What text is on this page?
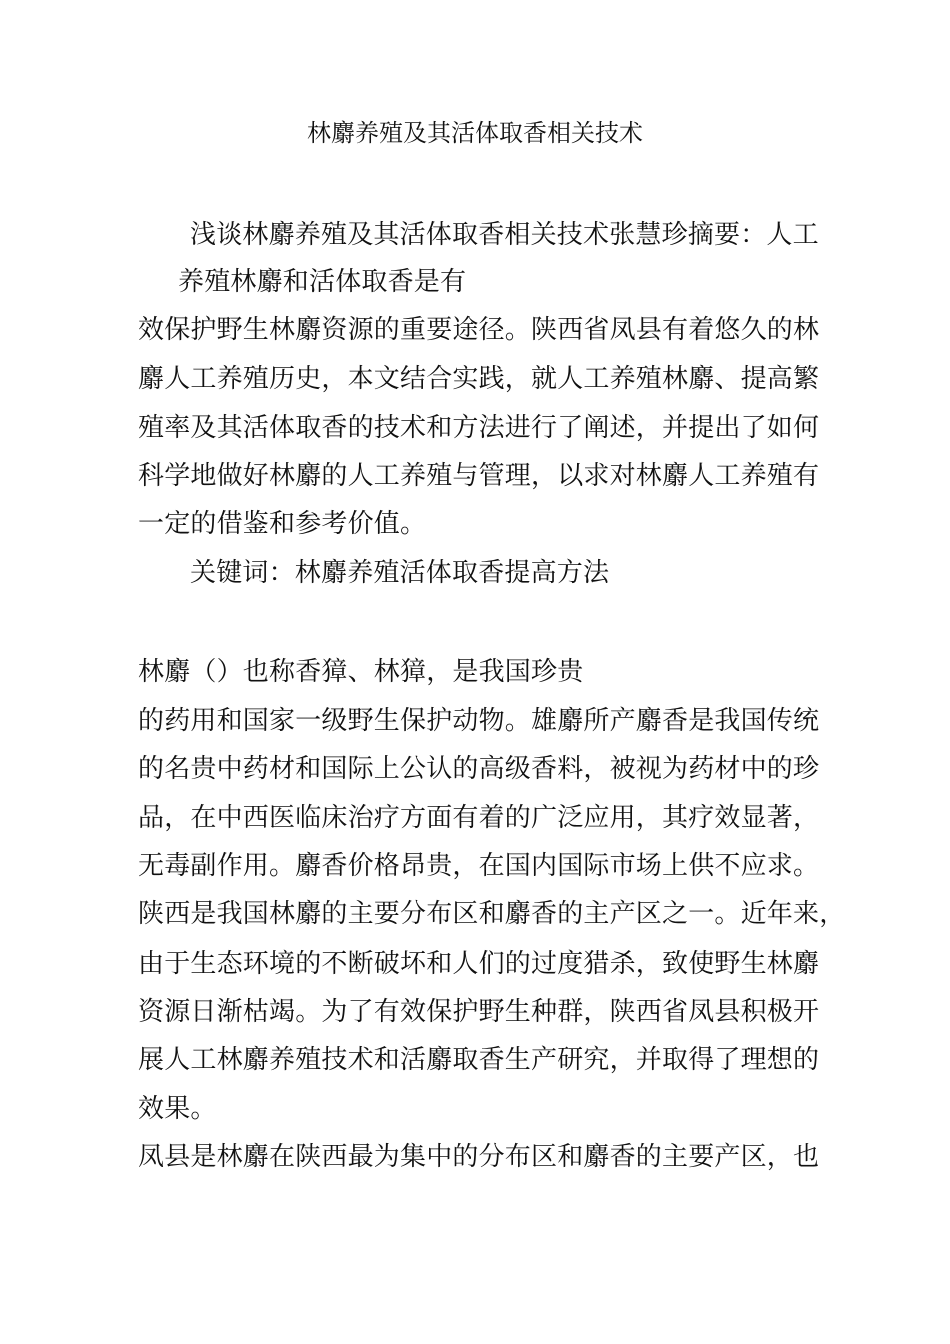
林麝养殖及其活体取香相关技术
浅谈林麝养殖及其活体取香相关技术张慧珍摘要：人工
养殖林麝和活体取香是有
效保护野生林麝资源的重要途径。陕西省凤县有着悠久的林
麝人工养殖历史，本文结合实践，就人工养殖林麝、提高繁
殖率及其活体取香的技术和方法进行了阐述，并提出了如何
科学地做好林麝的人工养殖与管理，以求对林麝人工养殖有
一定的借鉴和参考价值。
关键词：林麝养殖活体取香提高方法
林麝（）也称香獐、林獐，是我国珍贵
的药用和国家一级野生保护动物。雄麝所产麝香是我国传统
的名贵中药材和国际上公认的高级香料，被视为药材中的珍
品，在中西医临床治疗方面有着的广泛应用，其疗效显著，
无毒副作用。麝香价格昂贵，在国内国际市场上供不应求。
陕西是我国林麝的主要分布区和麝香的主产区之一。近年来，
由于生态环境的不断破坏和人们的过度猎杀，致使野生林麝
资源日渐枯竭。为了有效保护野生种群，陕西省凤县积极开
展人工林麝养殖技术和活麝取香生产研究，并取得了理想的
效果。
凤县是林麝在陕西最为集中的分布区和麝香的主要产区，也
